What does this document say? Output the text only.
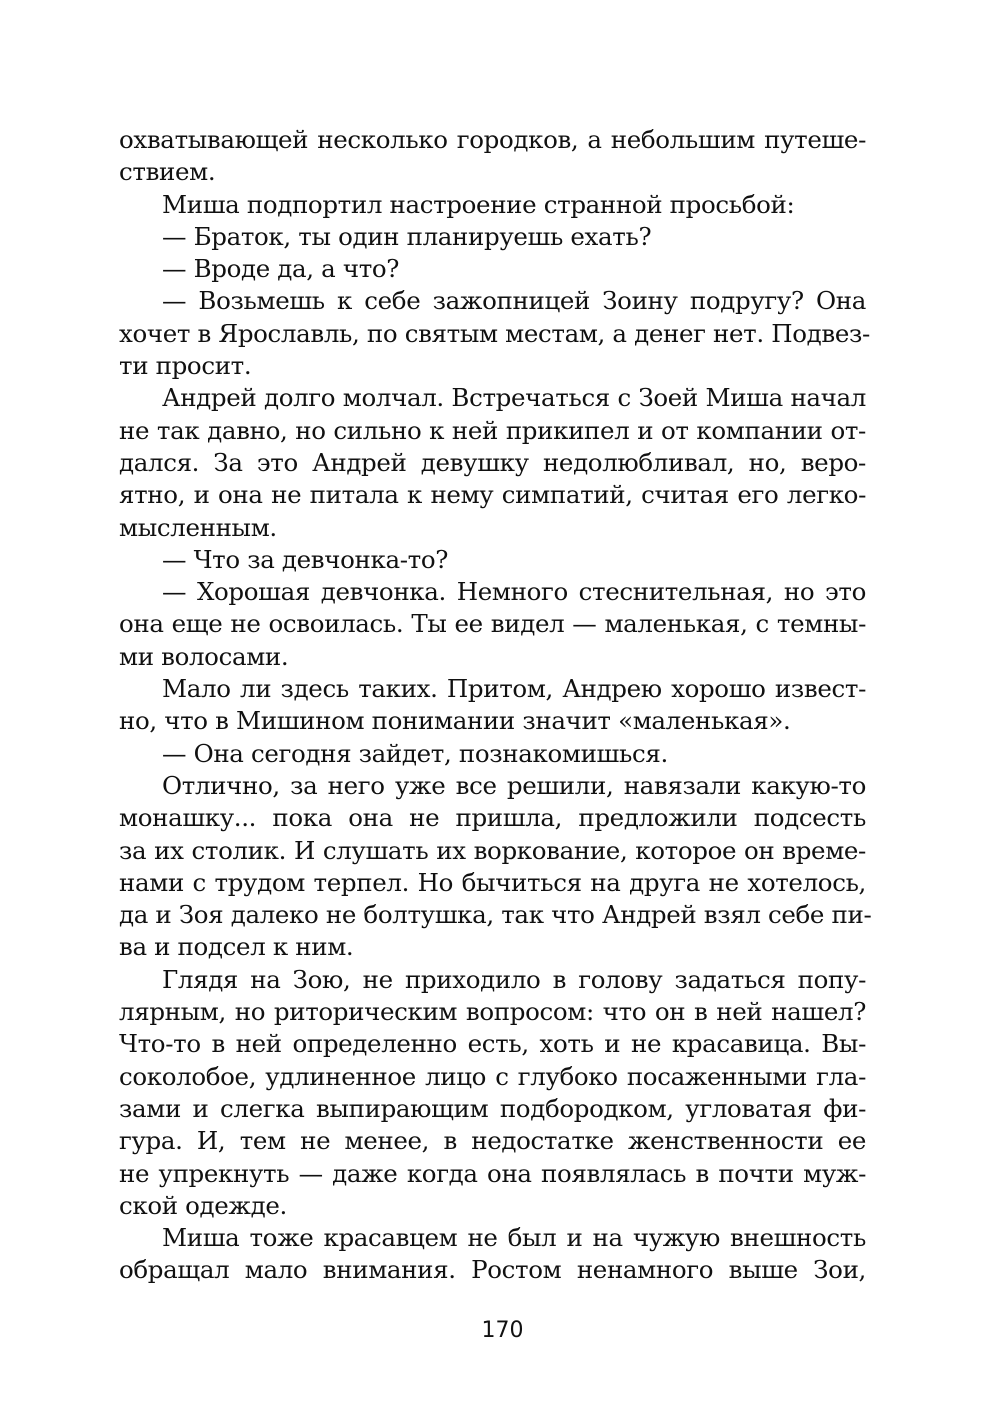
охватывающей несколько городков, а небольшим путеше-
ствием.
Миша подпортил настроение странной просьбой:
— Браток, ты один планируешь ехать?
— Вроде да, а что?
— Возьмешь к себе зажопницей Зоину подругу? Она
хочет в Ярославль, по святым местам, а денег нет. Подвез-
ти просит.
Андрей долго молчал. Встречаться с Зоей Миша начал
не так давно, но сильно к ней прикипел и от компании от-
дался. За это Андрей девушку недолюбливал, но, веро-
ятно, и она не питала к нему симпатий, считая его легко-
мысленным.
— Что за девчонка-то?
— Хорошая девчонка. Немного стеснительная, но это
она еще не освоилась. Ты ее видел — маленькая, с темны-
ми волосами.
Мало ли здесь таких. Притом, Андрею хорошо извест-
но, что в Мишином понимании значит «маленькая».
— Она сегодня зайдет, познакомишься.
Отлично, за него уже все решили, навязали какую-то
монашку... пока она не пришла, предложили подсесть
за их столик. И слушать их воркование, которое он време-
нами с трудом терпел. Но бычиться на друга не хотелось,
да и Зоя далеко не болтушка, так что Андрей взял себе пи-
ва и подсел к ним.
Глядя на Зою, не приходило в голову задаться попу-
лярным, но риторическим вопросом: что он в ней нашел?
Что-то в ней определенно есть, хоть и не красавица. Вы-
соколобое, удлиненное лицо с глубоко посаженными гла-
зами и слегка выпирающим подбородком, угловатая фи-
гура. И, тем не менее, в недостатке женственности ее
не упрекнуть — даже когда она появлялась в почти муж-
ской одежде.
Миша тоже красавцем не был и на чужую внешность
обращал мало внимания. Ростом ненамного выше Зои,
170
